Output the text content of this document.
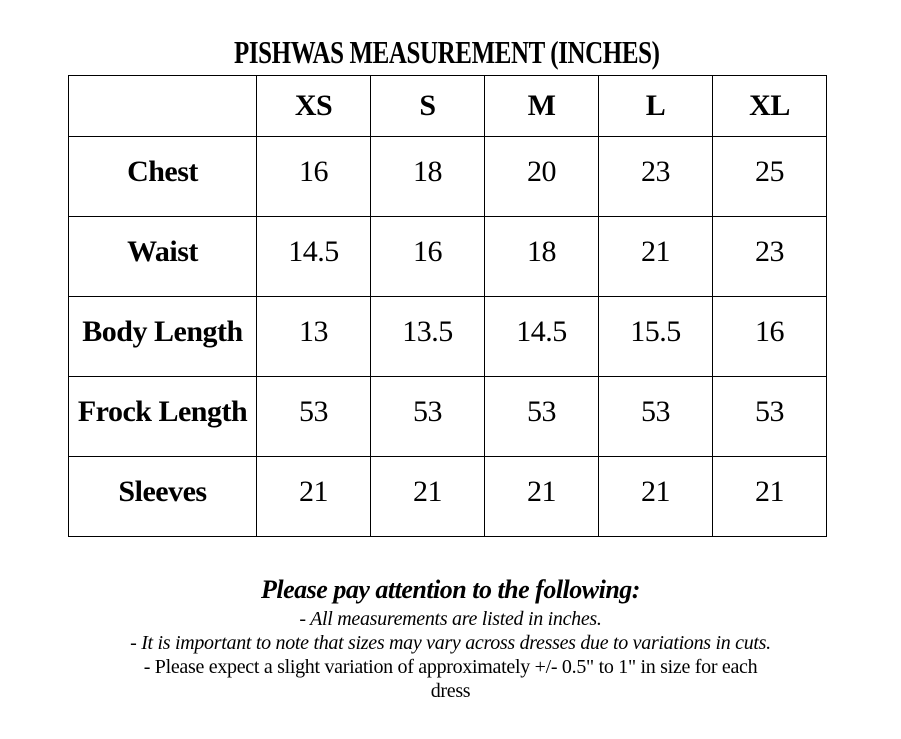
PISHWAS MEASUREMENT (INCHES)
	XS	S	M	L	XL
Chest	16	18	20	23	25
Waist	14.5	16	18	21	23
Body Length	13	13.5	14.5	15.5	16
Frock Length	53	53	53	53	53
Sleeves	21	21	21	21	21
Please pay attention to the following:
- All measurements are listed in inches.
- It is important to note that sizes may vary across dresses due to variations in cuts.
- Please expect a slight variation of approximately +/- 0.5" to 1" in size for each
dress
